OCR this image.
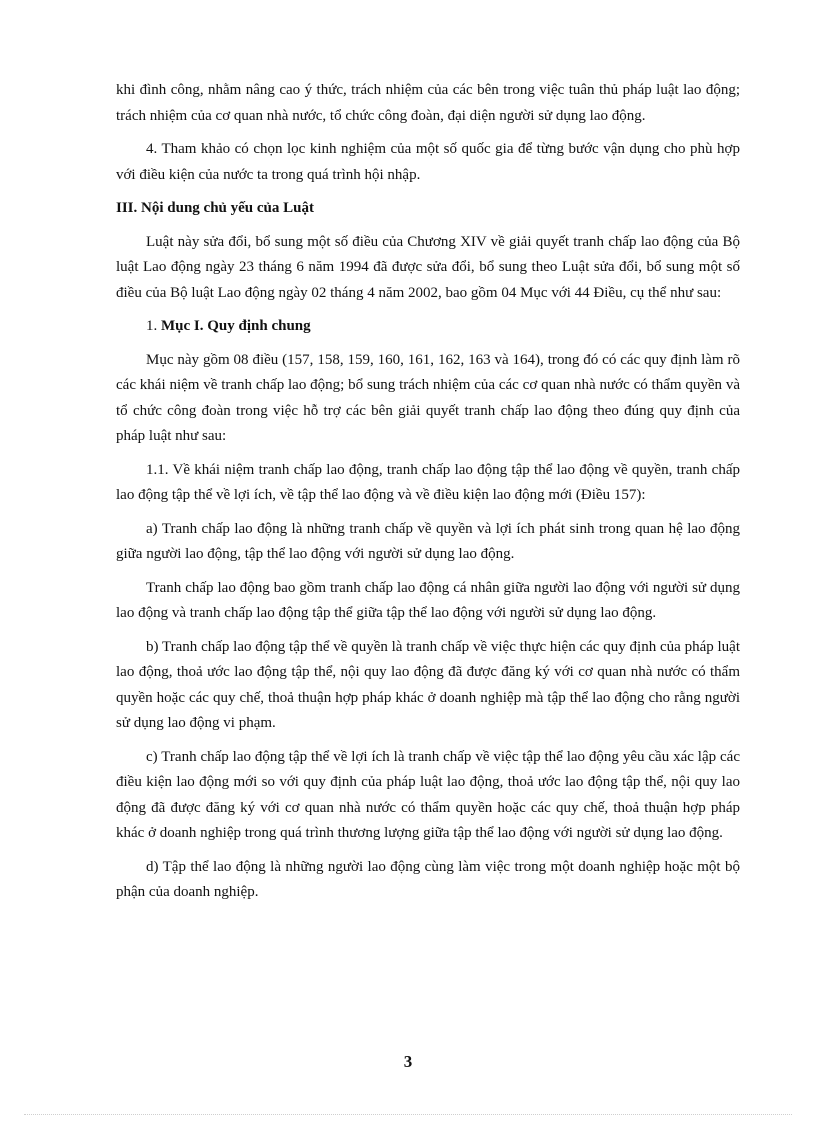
khi đình công, nhằm nâng cao ý thức, trách nhiệm của các bên trong việc tuân thủ pháp luật lao động; trách nhiệm của cơ quan nhà nước, tổ chức công đoàn, đại diện người sử dụng lao động.

4. Tham khảo có chọn lọc kinh nghiệm của một số quốc gia để từng bước vận dụng cho phù hợp với điều kiện của nước ta trong quá trình hội nhập.

III. Nội dung chủ yếu của Luật

Luật này sửa đổi, bổ sung một số điều của Chương XIV về giải quyết tranh chấp lao động của Bộ luật Lao động ngày 23 tháng 6 năm 1994 đã được sửa đổi, bổ sung theo Luật sửa đổi, bổ sung một số điều của Bộ luật Lao động ngày 02 tháng 4 năm 2002, bao gồm 04 Mục với 44 Điều, cụ thể như sau:

1. Mục I. Quy định chung

Mục này gồm 08 điều (157, 158, 159, 160, 161, 162, 163 và 164), trong đó có các quy định làm rõ các khái niệm về tranh chấp lao động; bổ sung trách nhiệm của các cơ quan nhà nước có thẩm quyền và tổ chức công đoàn trong việc hỗ trợ các bên giải quyết tranh chấp lao động theo đúng quy định của pháp luật như sau:

1.1. Về khái niệm tranh chấp lao động, tranh chấp lao động tập thể lao động về quyền, tranh chấp lao động tập thể về lợi ích, về tập thể lao động và về điều kiện lao động mới (Điều 157):

a) Tranh chấp lao động là những tranh chấp về quyền và lợi ích phát sinh trong quan hệ lao động giữa người lao động, tập thể lao động với người sử dụng lao động.

Tranh chấp lao động bao gồm tranh chấp lao động cá nhân giữa người lao động với người sử dụng lao động và tranh chấp lao động tập thể giữa tập thể lao động với người sử dụng lao động.

b) Tranh chấp lao động tập thể về quyền là tranh chấp về việc thực hiện các quy định của pháp luật lao động, thoả ước lao động tập thể, nội quy lao động đã được đăng ký với cơ quan nhà nước có thẩm quyền hoặc các quy chế, thoả thuận hợp pháp khác ở doanh nghiệp mà tập thể lao động cho rằng người sử dụng lao động vi phạm.

c) Tranh chấp lao động tập thể về lợi ích là tranh chấp về việc tập thể lao động yêu cầu xác lập các điều kiện lao động mới so với quy định của pháp luật lao động, thoả ước lao động tập thể, nội quy lao động đã được đăng ký với cơ quan nhà nước có thẩm quyền hoặc các quy chế, thoả thuận hợp pháp khác ở doanh nghiệp trong quá trình thương lượng giữa tập thể lao động với người sử dụng lao động.

d) Tập thể lao động là những người lao động cùng làm việc trong một doanh nghiệp hoặc một bộ phận của doanh nghiệp.

3
